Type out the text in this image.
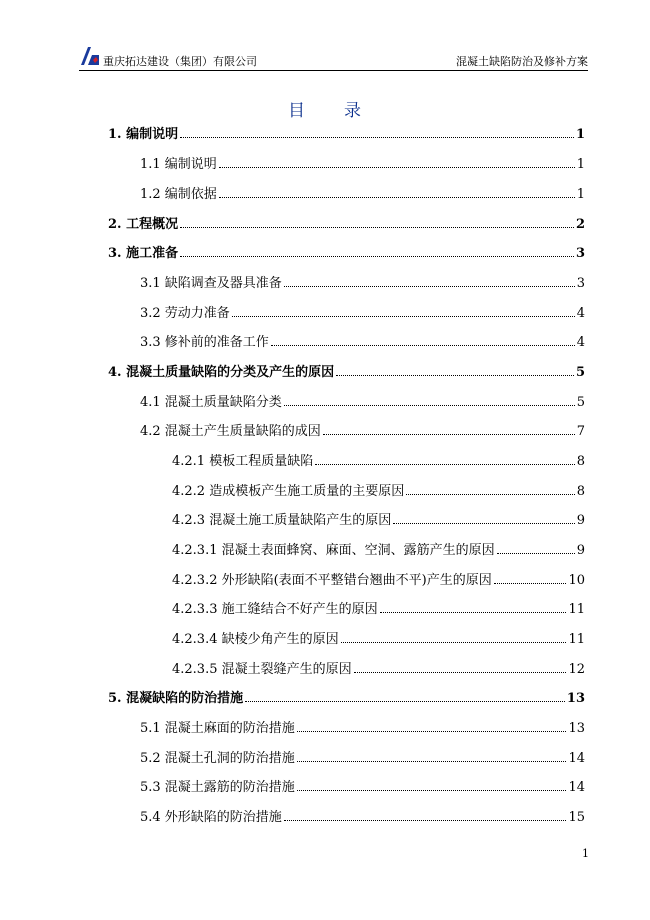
重庆拓达建设（集团）有限公司	混凝土缺陷防治及修补方案
目 录
1. 编制说明	1
1.1 编制说明	1
1.2 编制依据	1
2. 工程概况	2
3. 施工准备	3
3.1 缺陷调查及器具准备	3
3.2 劳动力准备	4
3.3 修补前的准备工作	4
4. 混凝土质量缺陷的分类及产生的原因	5
4.1 混凝土质量缺陷分类	5
4.2 混凝土产生质量缺陷的成因	7
4.2.1 模板工程质量缺陷	8
4.2.2 造成模板产生施工质量的主要原因	8
4.2.3 混凝土施工质量缺陷产生的原因	9
4.2.3.1 混凝土表面蜂窝、麻面、空洞、露筋产生的原因	9
4.2.3.2 外形缺陷(表面不平整错台翘曲不平)产生的原因	10
4.2.3.3 施工缝结合不好产生的原因	11
4.2.3.4 缺棱少角产生的原因	11
4.2.3.5 混凝土裂缝产生的原因	12
5. 混凝缺陷的防治措施	13
5.1 混凝土麻面的防治措施	13
5.2 混凝土孔洞的防治措施	14
5.3 混凝土露筋的防治措施	14
5.4 外形缺陷的防治措施	15
1
